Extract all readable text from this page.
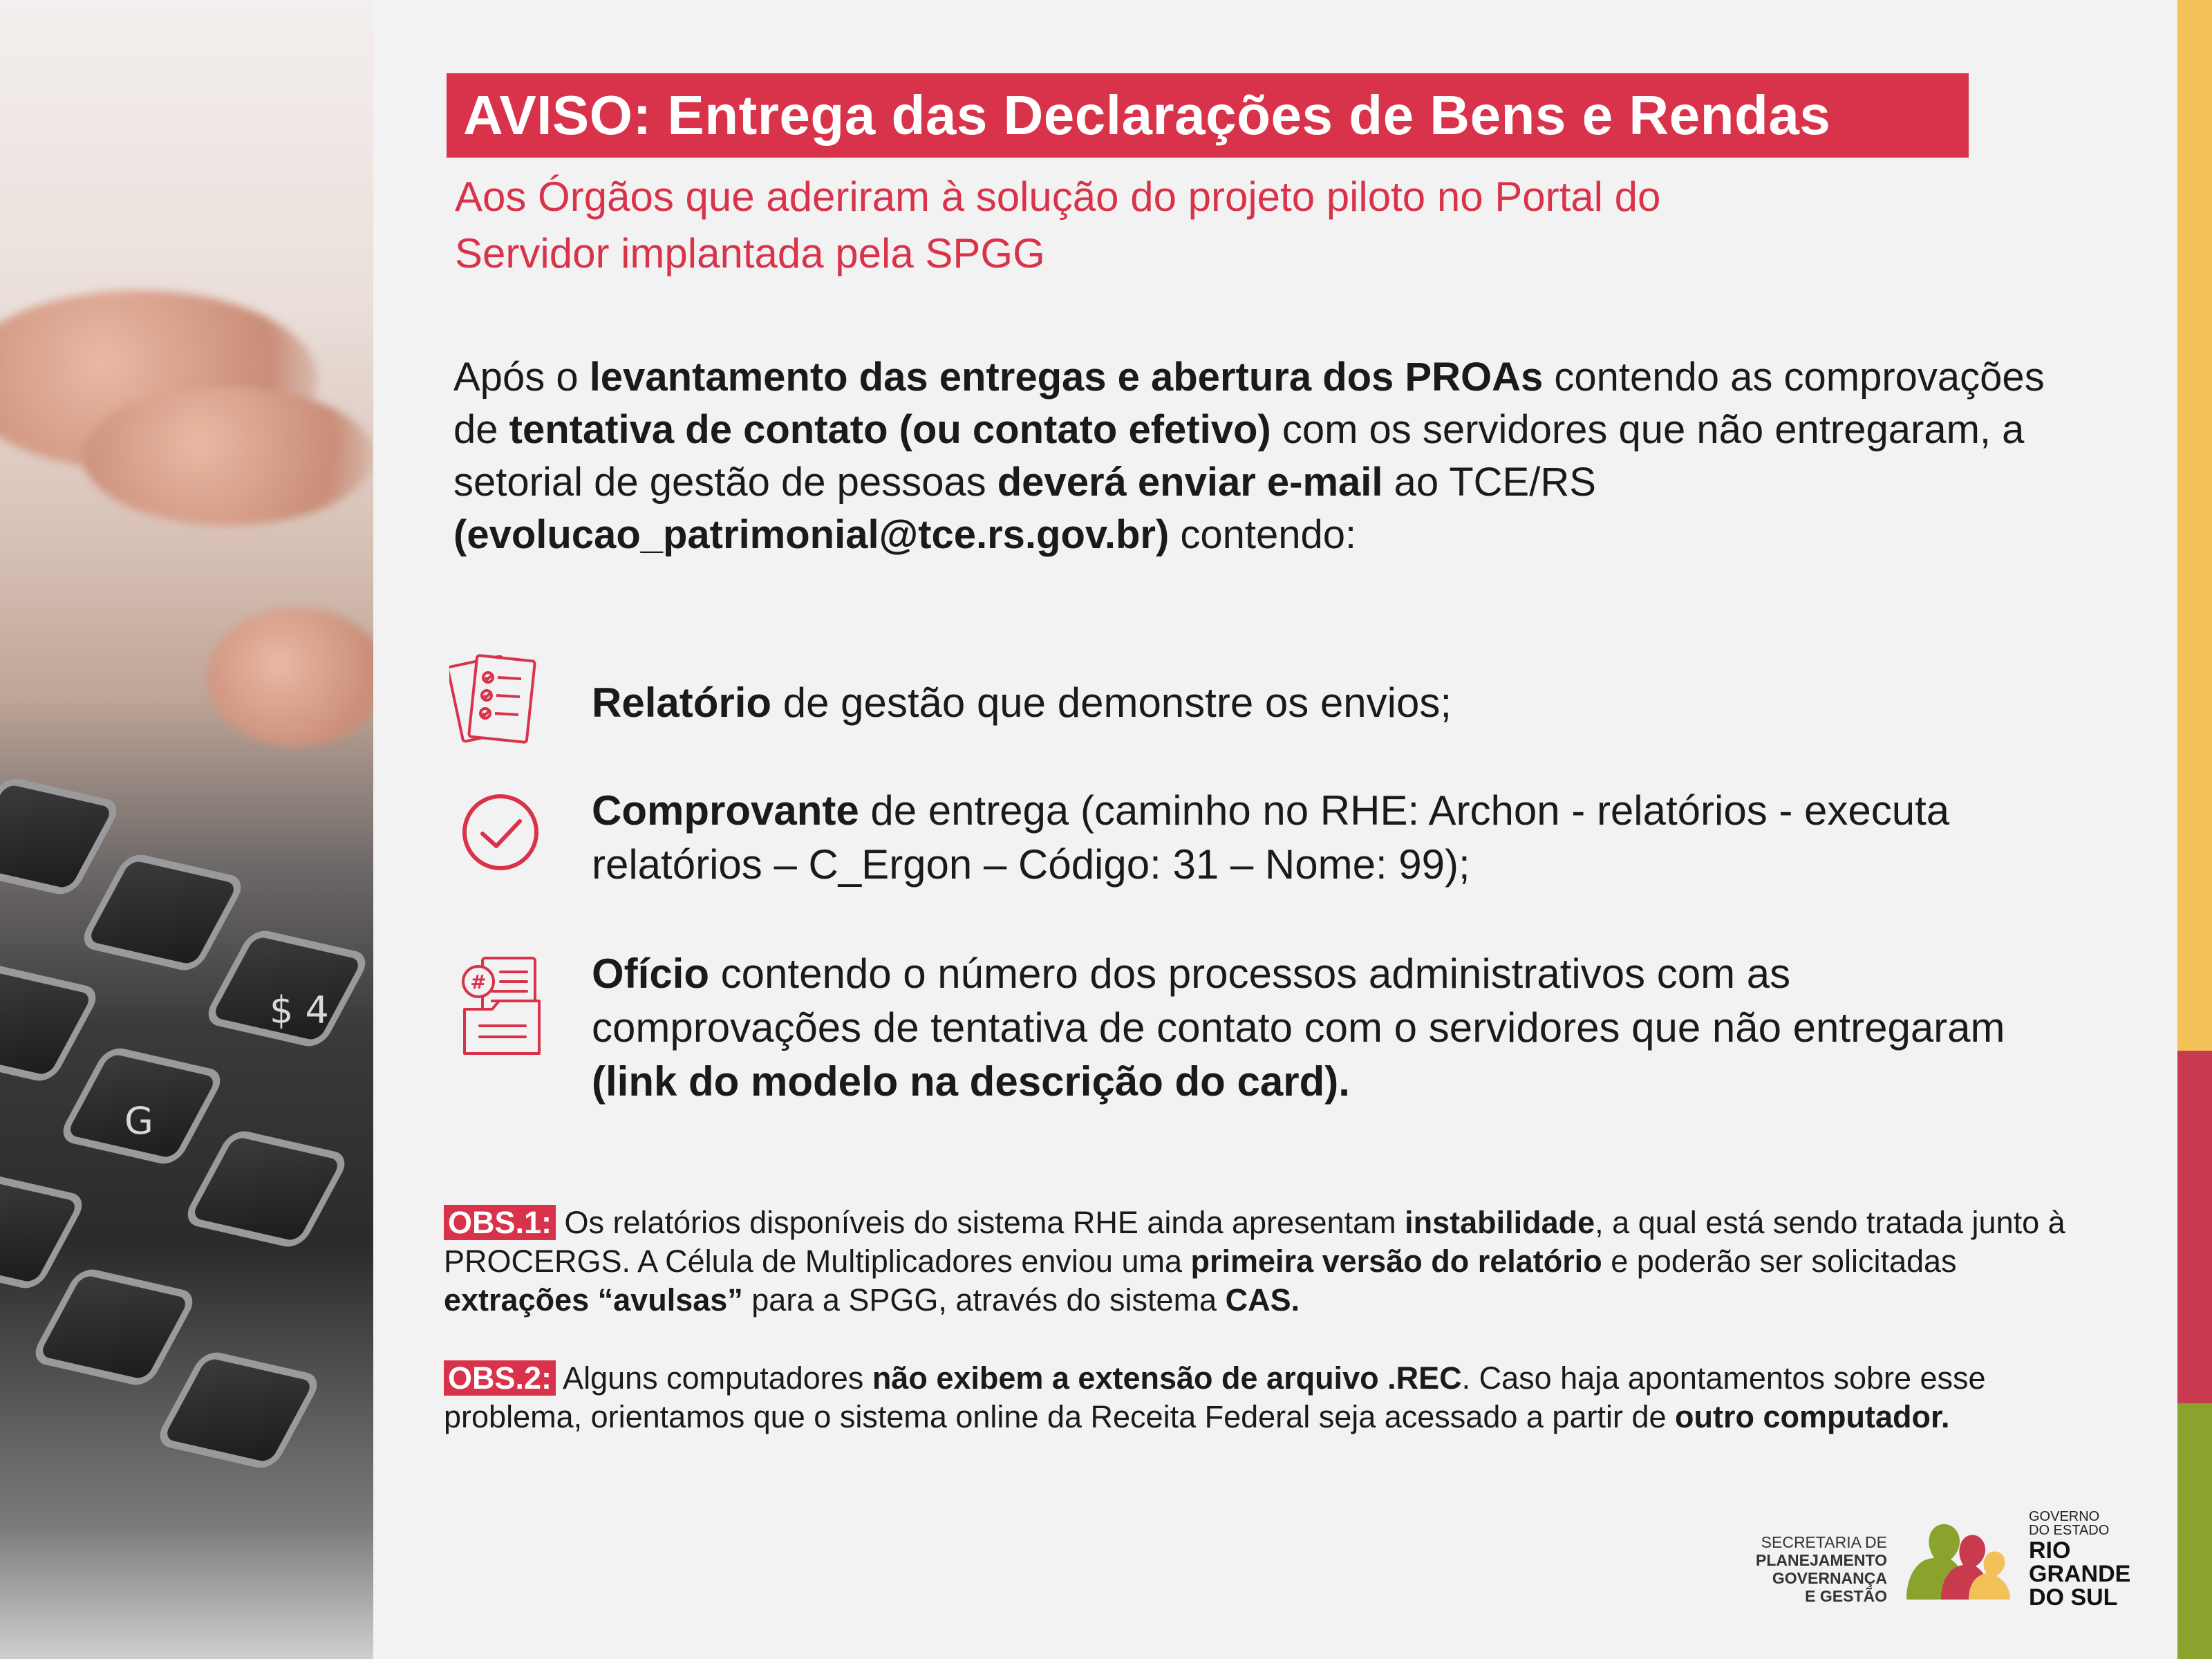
$ 4
G
AVISO: Entrega das Declarações de Bens e Rendas
Aos Órgãos que aderiram à solução do projeto piloto no Portal do
Servidor implantada pela SPGG
Após o levantamento das entregas e abertura dos PROAs contendo as comprovações de tentativa de contato (ou contato efetivo) com os servidores que não entregaram, a setorial de gestão de pessoas deverá enviar e-mail ao TCE/RS (evolucao_patrimonial@tce.rs.gov.br) contendo:
Relatório de gestão que demonstre os envios;
Comprovante de entrega (caminho no RHE: Archon - relatórios - executa relatórios – C_Ergon – Código: 31 – Nome: 99);
#	Ofício contendo o número dos processos administrativos com as comprovações de tentativa de contato com o servidores que não entregaram (link do modelo na descrição do card).
OBS.1: Os relatórios disponíveis do sistema RHE ainda apresentam instabilidade, a qual está sendo tratada junto à PROCERGS. A Célula de Multiplicadores enviou uma primeira versão do relatório e poderão ser solicitadas extrações “avulsas” para a SPGG, através do sistema CAS.
OBS.2: Alguns computadores não exibem a extensão de arquivo .REC. Caso haja apontamentos sobre esse problema, orientamos que o sistema online da Receita Federal seja acessado a partir de outro computador.
SECRETARIA DE
PLANEJAMENTO
GOVERNANÇA
E GESTÃO
GOVERNO
DO ESTADO
RIO
GRANDE
DO SUL
